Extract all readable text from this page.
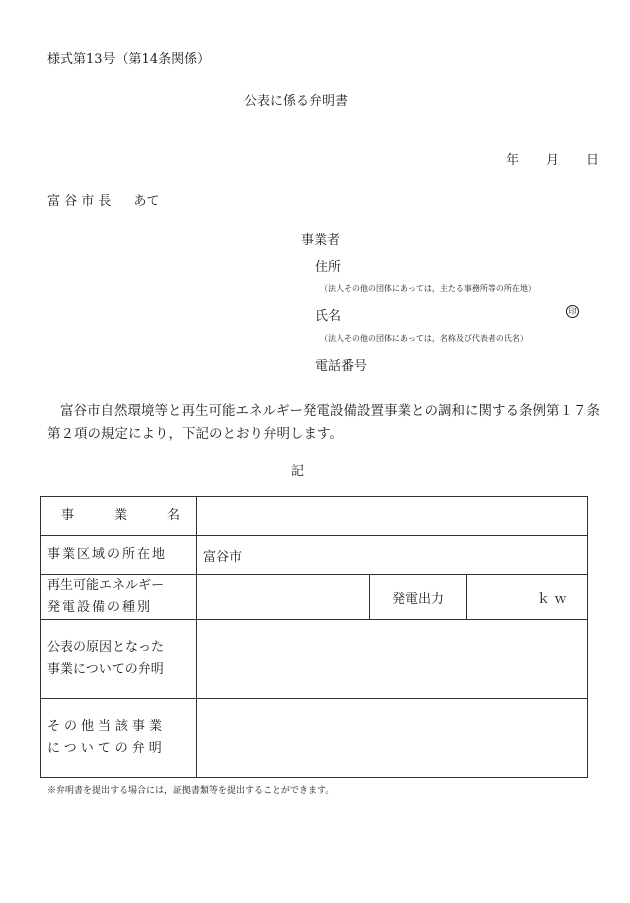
様式第13号（第14条関係）
公表に係る弁明書
年 月 日
富 谷 市 長 あて
事業者
住所
（法人その他の団体にあっては，主たる事務所等の所在地）
氏名	印
（法人その他の団体にあっては，名称及び代表者の氏名）
電話番号
富谷市自然環境等と再生可能エネルギー発電設備設置事業との調和に関する条例第１７条第２項の規定により，下記のとおり弁明します。
記
事 業 名			

事業区域の所在地	富谷市		

再生可能エネルギー
発電設備の種別		発電出力	ｋｗ

公表の原因となった
事業についての弁明			

その他当該事業
についての弁明			

※弁明書を提出する場合には，証拠書類等を提出することができます。
